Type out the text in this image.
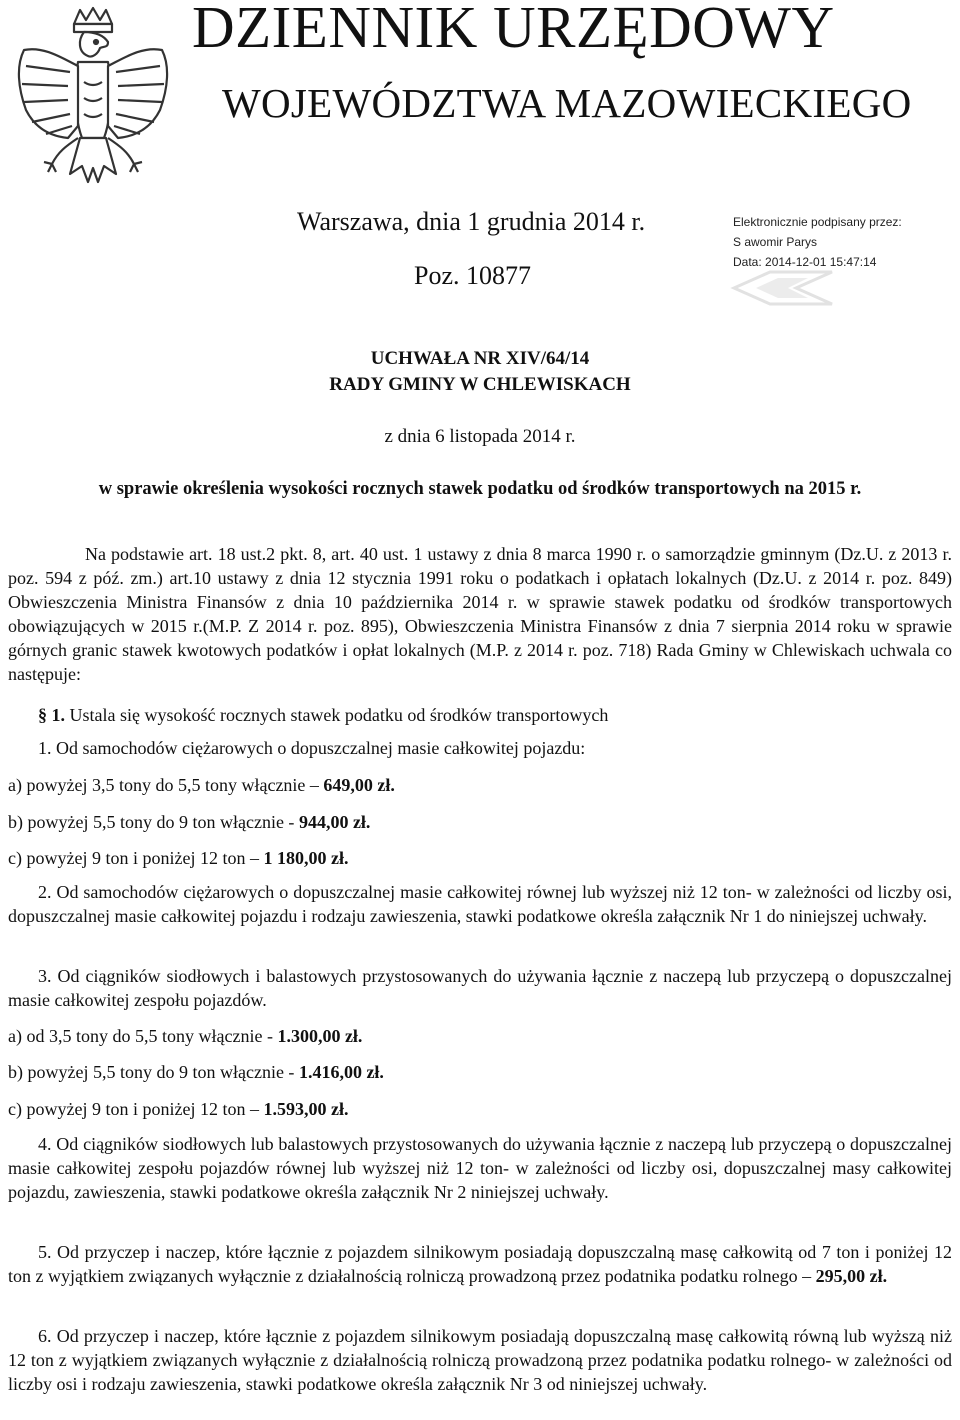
DZIENNIK URZĘDOWY
WOJEWÓDZTWA MAZOWIECKIEGO
Warszawa, dnia 1 grudnia 2014 r.
Poz. 10877
Elektronicznie podpisany przez:
S awomir Parys
Data: 2014-12-01 15:47:14
UCHWAŁA NR XIV/64/14
RADY GMINY W CHLEWISKACH
z dnia 6 listopada 2014 r.
w sprawie określenia wysokości rocznych stawek podatku od środków transportowych na 2015 r.
Na podstawie art. 18 ust.2 pkt. 8, art. 40 ust. 1 ustawy z dnia 8 marca 1990 r. o samorządzie gminnym (Dz.U. z 2013 r. poz. 594 z póź. zm.) art.10 ustawy z dnia 12 stycznia 1991 roku o podatkach i opłatach lokalnych (Dz.U. z 2014 r. poz. 849) Obwieszczenia Ministra Finansów z dnia 10 października 2014 r. w sprawie stawek podatku od środków transportowych obowiązujących w 2015 r.(M.P. Z 2014 r. poz. 895), Obwieszczenia Ministra Finansów z dnia 7 sierpnia 2014 roku w sprawie górnych granic stawek kwotowych podatków i opłat lokalnych (M.P. z 2014 r. poz. 718) Rada Gminy w Chlewiskach uchwala co następuje:
§ 1. Ustala się wysokość rocznych stawek podatku od środków transportowych
1. Od samochodów ciężarowych o dopuszczalnej masie całkowitej pojazdu:
a) powyżej 3,5 tony do 5,5 tony włącznie – 649,00 zł.
b) powyżej 5,5 tony do 9 ton włącznie - 944,00 zł.
c) powyżej 9 ton i poniżej 12 ton – 1 180,00 zł.
2. Od samochodów ciężarowych o dopuszczalnej masie całkowitej równej lub wyższej niż 12 ton- w zależności od liczby osi, dopuszczalnej masie całkowitej pojazdu i rodzaju zawieszenia, stawki podatkowe określa załącznik Nr 1 do niniejszej uchwały.
3. Od ciągników siodłowych i balastowych przystosowanych do używania łącznie z naczepą lub przyczepą o dopuszczalnej masie całkowitej zespołu pojazdów.
a) od 3,5 tony do 5,5 tony włącznie - 1.300,00 zł.
b) powyżej 5,5 tony do 9 ton włącznie - 1.416,00 zł.
c) powyżej 9 ton i poniżej 12 ton – 1.593,00 zł.
4. Od ciągników siodłowych lub balastowych przystosowanych do używania łącznie z naczepą lub przyczepą o dopuszczalnej masie całkowitej zespołu pojazdów równej lub wyższej niż 12 ton- w zależności od liczby osi, dopuszczalnej masy całkowitej pojazdu, zawieszenia, stawki podatkowe określa załącznik Nr 2 niniejszej uchwały.
5. Od przyczep i naczep, które łącznie z pojazdem silnikowym posiadają dopuszczalną masę całkowitą od 7 ton i poniżej 12 ton z wyjątkiem związanych wyłącznie z działalnością rolniczą prowadzoną przez podatnika podatku rolnego – 295,00 zł.
6. Od przyczep i naczep, które łącznie z pojazdem silnikowym posiadają dopuszczalną masę całkowitą równą lub wyższą niż 12 ton z wyjątkiem związanych wyłącznie z działalnością rolniczą prowadzoną przez podatnika podatku rolnego- w zależności od liczby osi i rodzaju zawieszenia, stawki podatkowe określa załącznik Nr 3 od niniejszej uchwały.
